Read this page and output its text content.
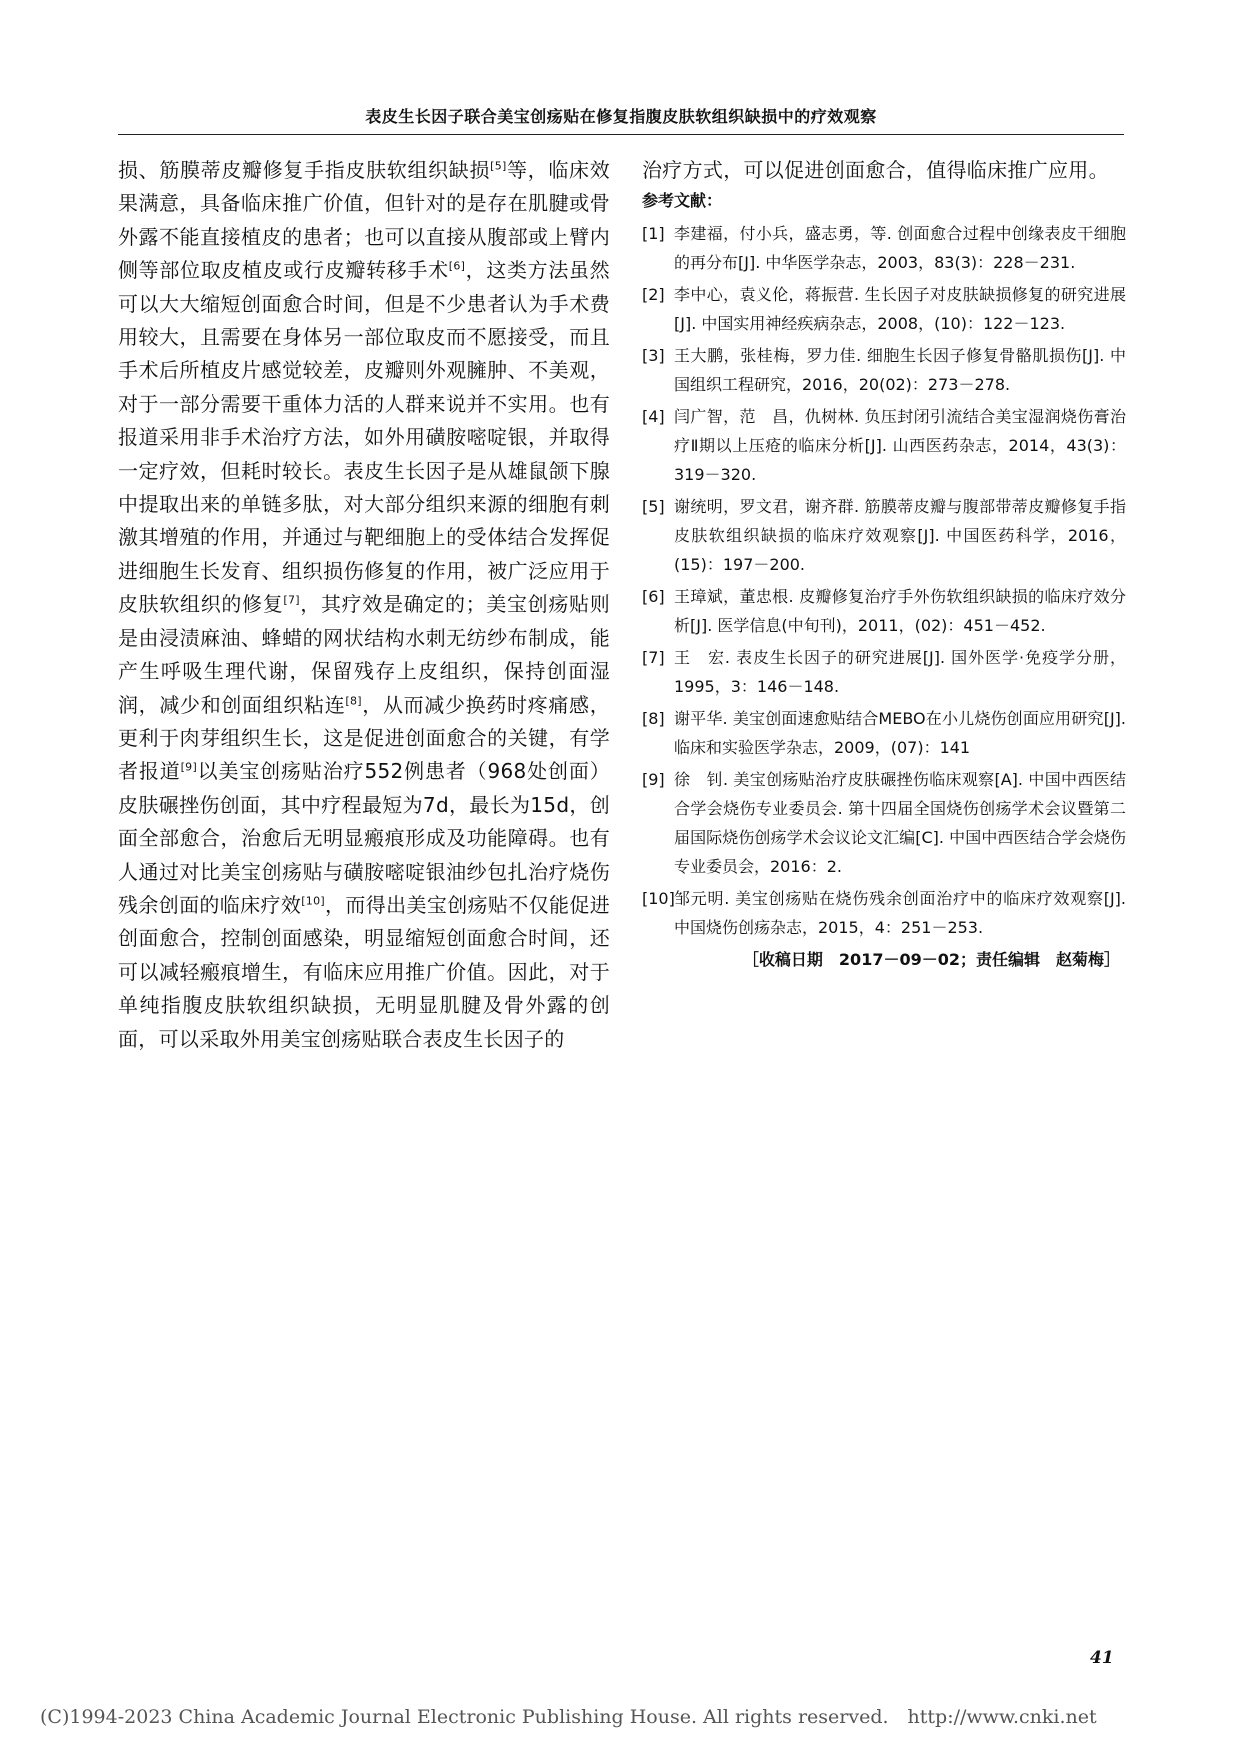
表皮生长因子联合美宝创疡贴在修复指腹皮肤软组织缺损中的疗效观察

损、筋膜蒂皮瓣修复手指皮肤软组织缺损[5]等，临床效果满意，具备临床推广价值，但针对的是存在肌腱或骨外露不能直接植皮的患者；也可以直接从腹部或上臂内侧等部位取皮植皮或行皮瓣转移手术[6]，这类方法虽然可以大大缩短创面愈合时间，但是不少患者认为手术费用较大，且需要在身体另一部位取皮而不愿接受，而且手术后所植皮片感觉较差，皮瓣则外观臃肿、不美观，对于一部分需要干重体力活的人群来说并不实用。也有报道采用非手术治疗方法，如外用磺胺嘧啶银，并取得一定疗效，但耗时较长。表皮生长因子是从雄鼠颌下腺中提取出来的单链多肽，对大部分组织来源的细胞有刺激其增殖的作用，并通过与靶细胞上的受体结合发挥促进细胞生长发育、组织损伤修复的作用，被广泛应用于皮肤软组织的修复[7]，其疗效是确定的；美宝创疡贴则是由浸渍麻油、蜂蜡的网状结构水刺无纺纱布制成，能产生呼吸生理代谢，保留残存上皮组织，保持创面湿润，减少和创面组织粘连[8]，从而减少换药时疼痛感，更利于肉芽组织生长，这是促进创面愈合的关键，有学者报道[9]以美宝创疡贴治疗552例患者（968处创面）皮肤碾挫伤创面，其中疗程最短为7d，最长为15d，创面全部愈合，治愈后无明显瘢痕形成及功能障碍。也有人通过对比美宝创疡贴与磺胺嘧啶银油纱包扎治疗烧伤残余创面的临床疗效[10]，而得出美宝创疡贴不仅能促进创面愈合，控制创面感染，明显缩短创面愈合时间，还可以减轻瘢痕增生，有临床应用推广价值。因此，对于单纯指腹皮肤软组织缺损，无明显肌腱及骨外露的创面，可以采取外用美宝创疡贴联合表皮生长因子的

治疗方式，可以促进创面愈合，值得临床推广应用。

参考文献：
[1] 李建福，付小兵，盛志勇，等. 创面愈合过程中创缘表皮干细胞的再分布[J]. 中华医学杂志，2003，83(3)：228－231.
[2] 李中心，袁义伦，蒋振营. 生长因子对皮肤缺损修复的研究进展[J]. 中国实用神经疾病杂志，2008，(10)：122－123.
[3] 王大鹏，张桂梅，罗力佳. 细胞生长因子修复骨骼肌损伤[J]. 中国组织工程研究，2016，20(02)：273－278.
[4] 闫广智，范　昌，仇树林. 负压封闭引流结合美宝湿润烧伤膏治疗Ⅱ期以上压疮的临床分析[J]. 山西医药杂志，2014，43(3)：319－320.
[5] 谢统明，罗文君，谢齐群. 筋膜蒂皮瓣与腹部带蒂皮瓣修复手指皮肤软组织缺损的临床疗效观察[J]. 中国医药科学，2016，(15)：197－200.
[6] 王璋斌，董忠根. 皮瓣修复治疗手外伤软组织缺损的临床疗效分析[J]. 医学信息(中旬刊)，2011，(02)：451－452.
[7] 王　宏. 表皮生长因子的研究进展[J]. 国外医学·免疫学分册，1995，3：146－148.
[8] 谢平华. 美宝创面速愈贴结合MEBO在小儿烧伤创面应用研究[J]. 临床和实验医学杂志，2009，(07)：141
[9] 徐　钊. 美宝创疡贴治疗皮肤碾挫伤临床观察[A]. 中国中西医结合学会烧伤专业委员会. 第十四届全国烧伤创疡学术会议暨第二届国际烧伤创疡学术会议论文汇编[C]. 中国中西医结合学会烧伤专业委员会，2016：2.
[10] 邹元明. 美宝创疡贴在烧伤残余创面治疗中的临床疗效观察[J]. 中国烧伤创疡杂志，2015，4：251－253.
［收稿日期　2017－09－02；责任编辑　赵菊梅］
41
(C)1994-2023 China Academic Journal Electronic Publishing House. All rights reserved.　http://www.cnki.net
